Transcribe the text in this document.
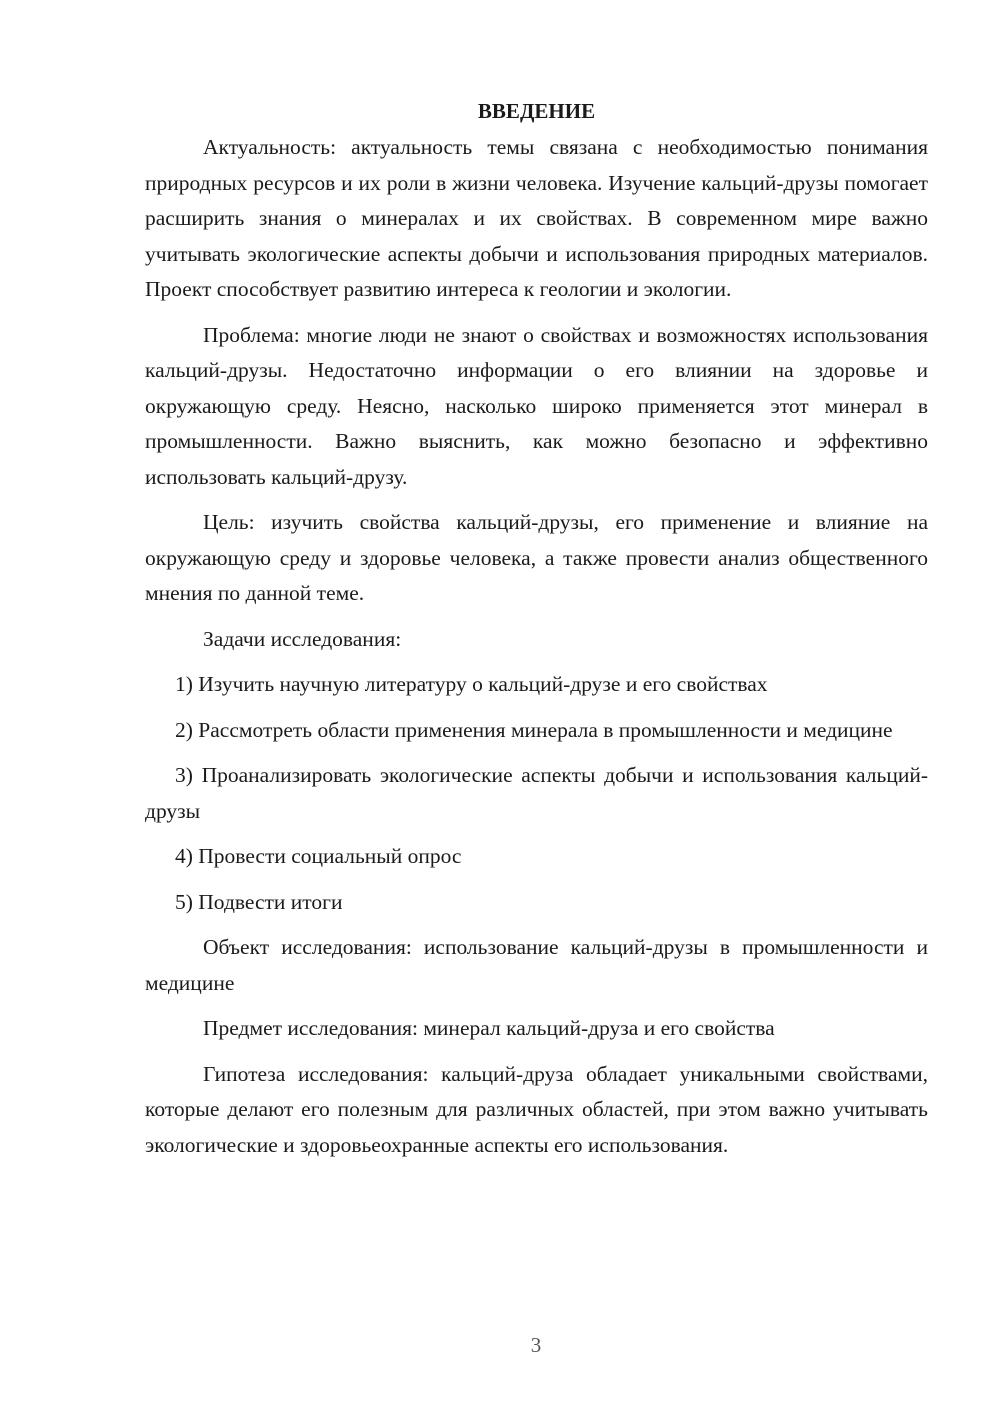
ВВЕДЕНИЕ

Актуальность: актуальность темы связана с необходимостью понимания природных ресурсов и их роли в жизни человека. Изучение кальций-друзы помогает расширить знания о минералах и их свойствах. В современном мире важно учитывать экологические аспекты добычи и использования природных материалов. Проект способствует развитию интереса к геологии и экологии.

Проблема: многие люди не знают о свойствах и возможностях использования кальций-друзы. Недостаточно информации о его влиянии на здоровье и окружающую среду. Неясно, насколько широко применяется этот минерал в промышленности. Важно выяснить, как можно безопасно и эффективно использовать кальций-друзу.

Цель: изучить свойства кальций-друзы, его применение и влияние на окружающую среду и здоровье человека, а также провести анализ общественного мнения по данной теме.

Задачи исследования:

1) Изучить научную литературу о кальций-друзе и его свойствах

2) Рассмотреть области применения минерала в промышленности и медицине

3) Проанализировать экологические аспекты добычи и использования кальций-друзы

4) Провести социальный опрос

5) Подвести итоги

Объект исследования: использование кальций-друзы в промышленности и медицине

Предмет исследования: минерал кальций-друза и его свойства

Гипотеза исследования: кальций-друза обладает уникальными свойствами, которые делают его полезным для различных областей, при этом важно учитывать экологические и здоровьеохранные аспекты его использования.

3
